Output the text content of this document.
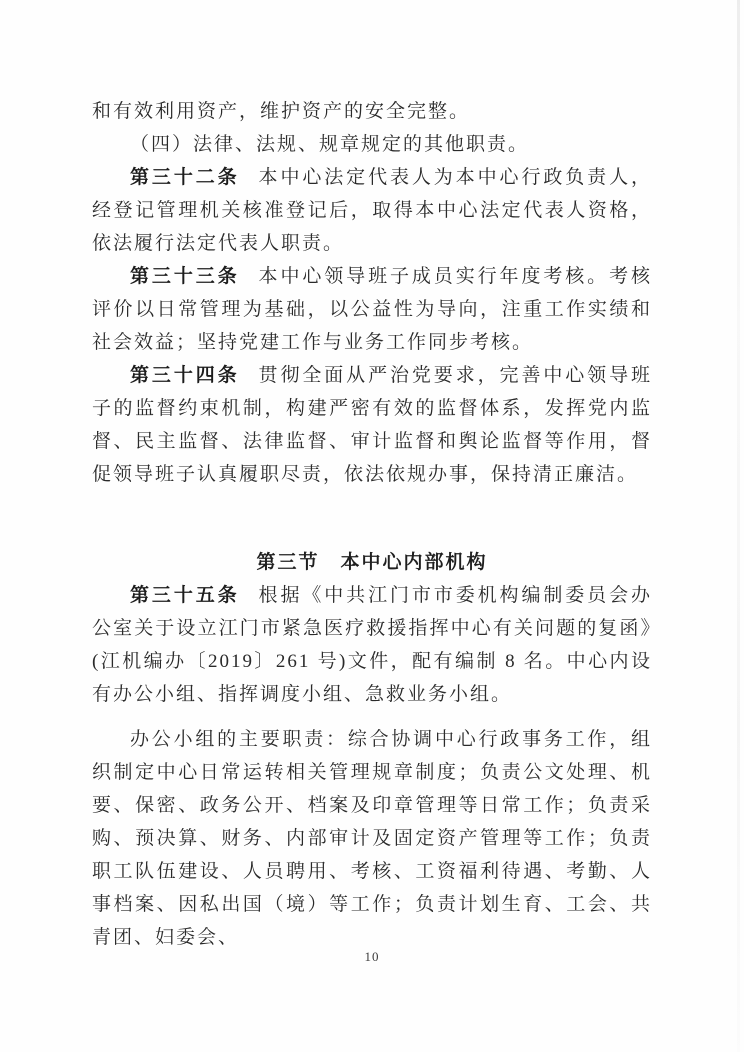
和有效利用资产，维护资产的安全完整。

（四）法律、法规、规章规定的其他职责。

第三十二条 本中心法定代表人为本中心行政负责人，经登记管理机关核准登记后，取得本中心法定代表人资格，依法履行法定代表人职责。

第三十三条 本中心领导班子成员实行年度考核。考核评价以日常管理为基础，以公益性为导向，注重工作实绩和社会效益；坚持党建工作与业务工作同步考核。

第三十四条 贯彻全面从严治党要求，完善中心领导班子的监督约束机制，构建严密有效的监督体系，发挥党内监督、民主监督、法律监督、审计监督和舆论监督等作用，督促领导班子认真履职尽责，依法依规办事，保持清正廉洁。

第三节　本中心内部机构

第三十五条 根据《中共江门市市委机构编制委员会办公室关于设立江门市紧急医疗救援指挥中心有关问题的复函》(江机编办〔2019〕261 号)文件，配有编制 8 名。中心内设有办公小组、指挥调度小组、急救业务小组。

办公小组的主要职责：综合协调中心行政事务工作，组织制定中心日常运转相关管理规章制度；负责公文处理、机要、保密、政务公开、档案及印章管理等日常工作；负责采购、预决算、财务、内部审计及固定资产管理等工作；负责职工队伍建设、人员聘用、考核、工资福利待遇、考勤、人事档案、因私出国（境）等工作；负责计划生育、工会、共青团、妇委会、

10
